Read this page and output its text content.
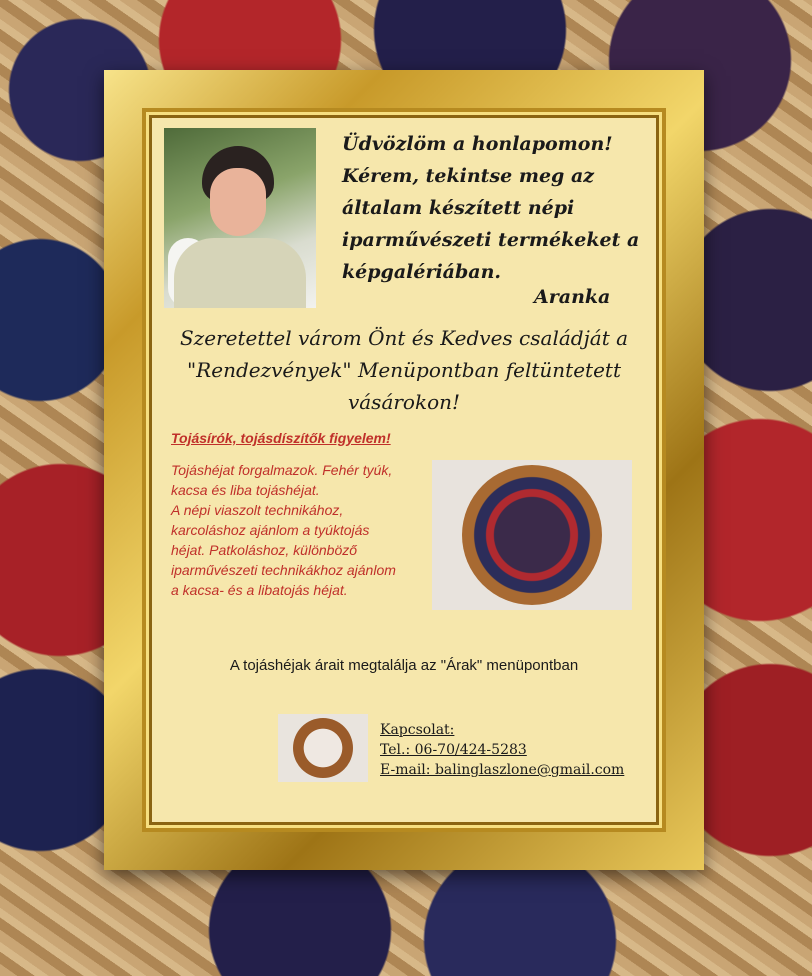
Üdvözlöm a honlapomon!
Kérem, tekintse meg az
általam készített népi
iparművészeti termékeket a
képgalériában.
Aranka
Szeretettel várom Önt és Kedves családját a
"Rendezvények" Menüpontban feltüntetett
vásárokon!
Tojásírók, tojásdíszítők figyelem!
Tojáshéjat forgalmazok. Fehér tyúk,
kacsa és liba tojáshéjat.
A népi viaszolt technikához,
karcoláshoz ajánlom a tyúktojás
héjat. Patkoláshoz, különböző
iparművészeti technikákhoz ajánlom
a kacsa- és a libatojás héjat.
A tojáshéjak árait megtalálja az "Árak" menüpontban
Kapcsolat:
Tel.: 06-70/424-5283
E-mail: balinglaszlone@gmail.com
